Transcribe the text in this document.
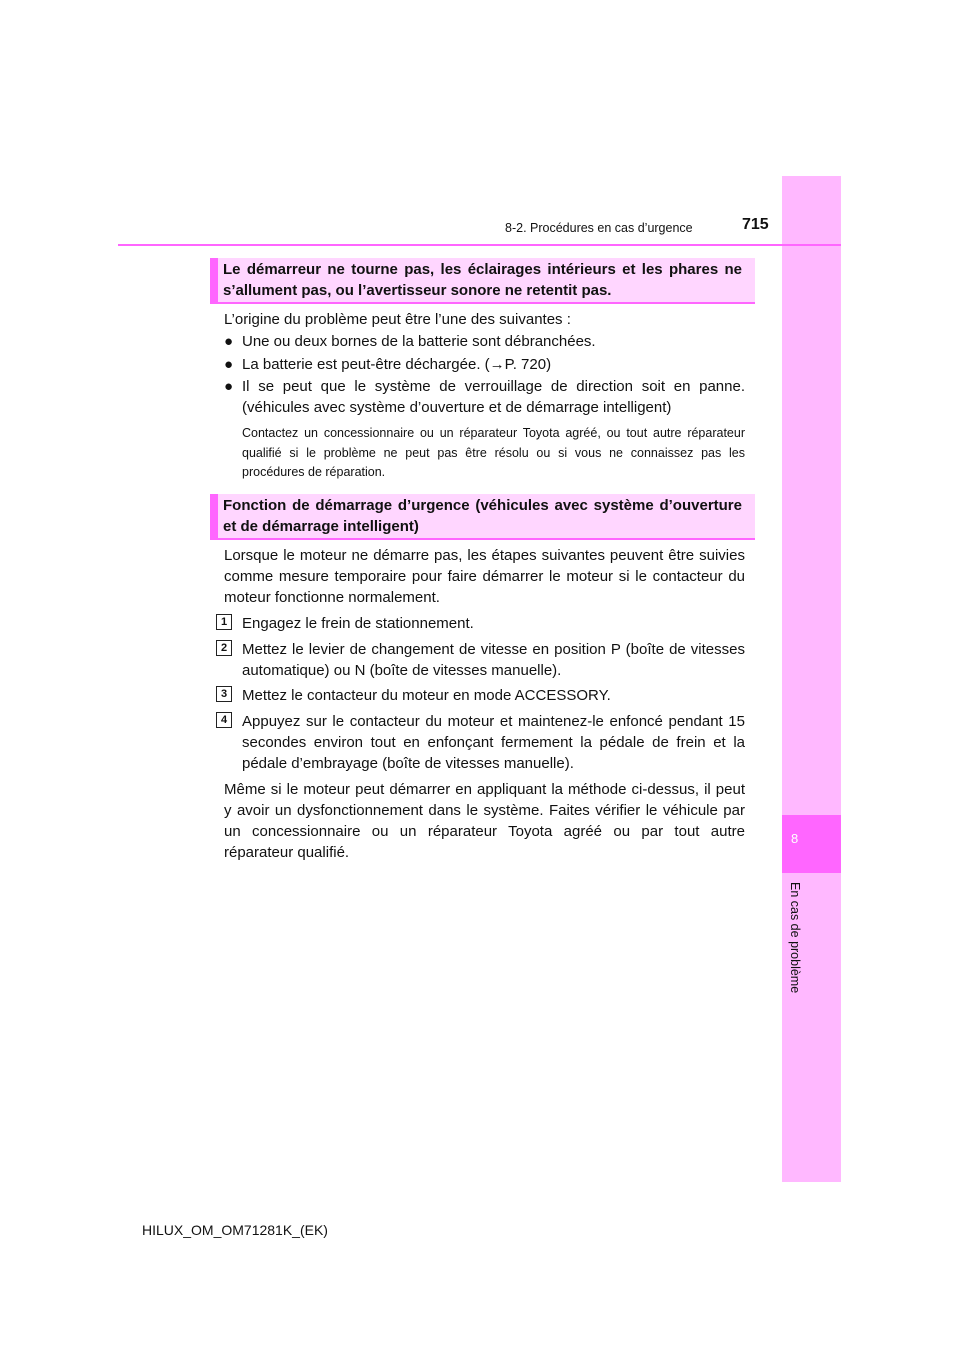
8
En cas de problème
8-2. Procédures en cas d’urgence	715
Le démarreur ne tourne pas, les éclairages intérieurs et les phares ne s’allument pas, ou l’avertisseur sonore ne retentit pas.

L’origine du problème peut être l’une des suivantes :

● Une ou deux bornes de la batterie sont débranchées.

● La batterie est peut-être déchargée. (→P. 720)

● Il se peut que le système de verrouillage de direction soit en panne. (véhicules avec système d’ouverture et de démarrage intelligent)

Contactez un concessionnaire ou un réparateur Toyota agréé, ou tout autre réparateur qualifié si le problème ne peut pas être résolu ou si vous ne connaissez pas les procédures de réparation.

Fonction de démarrage d’urgence (véhicules avec système d’ouverture et de démarrage intelligent)

Lorsque le moteur ne démarre pas, les étapes suivantes peuvent être suivies comme mesure temporaire pour faire démarrer le moteur si le contacteur du moteur fonctionne normalement.

1 Engagez le frein de stationnement.

2 Mettez le levier de changement de vitesse en position P (boîte de vitesses automatique) ou N (boîte de vitesses manuelle).

3 Mettez le contacteur du moteur en mode ACCESSORY.

4 Appuyez sur le contacteur du moteur et maintenez-le enfoncé pendant 15 secondes environ tout en enfonçant fermement la pédale de frein et la pédale d’embrayage (boîte de vitesses manuelle).

Même si le moteur peut démarrer en appliquant la méthode ci-dessus, il peut y avoir un dysfonctionnement dans le système. Faites vérifier le véhicule par un concessionnaire ou un réparateur Toyota agréé ou par tout autre réparateur qualifié.

HILUX_OM_OM71281K_(EK)
